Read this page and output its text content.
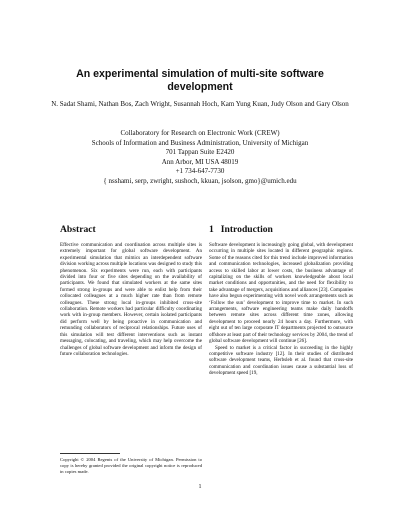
An experimental simulation of multi-site software development
N. Sadat Shami, Nathan Bos, Zach Wright, Susannah Hoch, Kam Yung Kuan, Judy Olson and Gary Olson
Collaboratory for Research on Electronic Work (CREW)
Schools of Information and Business Administration, University of Michigan
701 Tappan Suite E2420
Ann Arbor, MI USA 48019
+1 734-647-7730
{ nsshami, serp, zwright, sushoch, kkuan, jsolson, gmo}@umich.edu
Abstract

Effective communication and coordination across multiple sites is extremely important for global software development. An experimental simulation that mimics an interdependent software division working across multiple locations was designed to study this phenomenon. Six experiments were run, each with participants divided into four or five sites depending on the availability of participants. We found that simulated workers at the same sites formed strong in-groups and were able to enlist help from their collocated colleagues at a much higher rate than from remote colleagues. These strong local in-groups inhibited cross-site collaboration. Remote workers had particular difficulty coordinating work with in-group members. However, certain isolated participants did perform well by being proactive in communication and remunding collaborators of reciprocal relationships. Future uses of this simulation will test different interventions such as instant messaging, colocating, and traveling, which may help overcome the challenges of global software development and inform the design of future collaboration technologies.

1 Introduction

Software development is increasingly going global, with development occurring in multiple sites located in different geographic regions. Some of the reasons cited for this trend include improved information and communication technologies, increased globalization providing access to skilled labor at lower costs, the business advantage of capitalizing on the skills of workers knowledgeable about local market conditions and opportunities, and the need for flexibility to take advantage of mergers, acquisitions and alliances [23]. Companies have also begun experimenting with novel work arrangements such as ‘Follow the sun’ development to improve time to market. In such arrangements, software engineering teams make daily handoffs between remote sites across different time zones, allowing development to proceed nearly 24 hours a day. Furthermore, with eight out of ten large corporate IT departments projected to outsource offshore at least part of their technology services by 2004, the trend of global software development will continue [26].

Speed to market is a critical factor in succeeding in the highly competitive software industry [12]. In their studies of distributed software development teams, Herbsleb et al. found that cross-site communication and coordination issues cause a substantial loss of development speed [19,

Copyright © 2004 Regents of the University of Michigan. Permission to copy is hereby granted provided the original copyright notice is reproduced in copies made.
1
